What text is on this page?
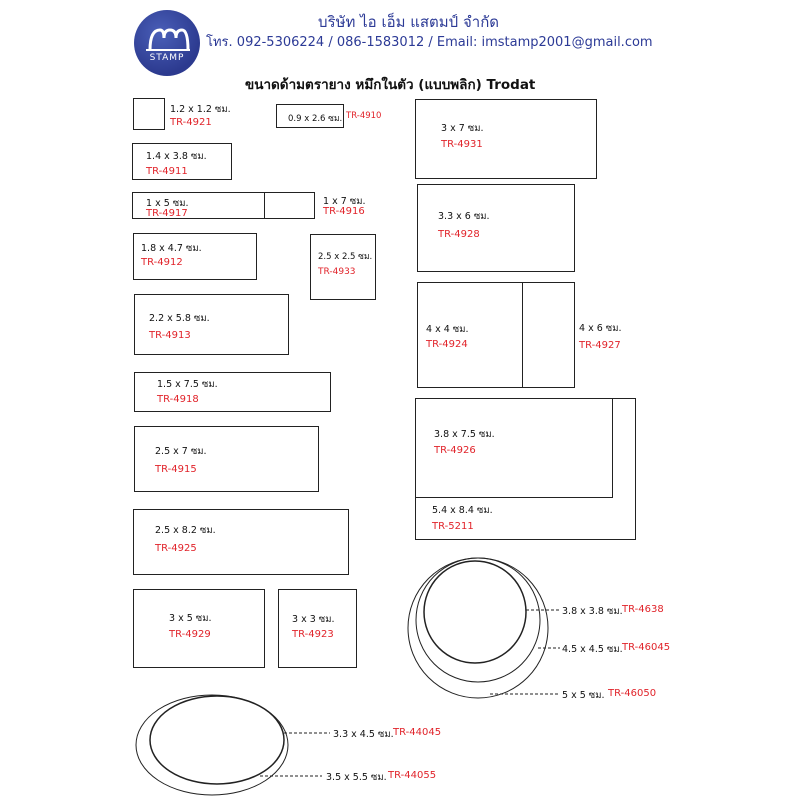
STAMP
บริษัท ไอ เอ็ม แสตมป์ จำกัด
โทร. 092-5306224 / 086-1583012 / Email: imstamp2001@gmail.com
ขนาดด้ามตรายาง หมึกในตัว (แบบพลิก) Trodat
1.2 x 1.2 ซม.
TR-4921	0.9 x 2.6 ซม. TR-4910
1.4 x 3.8 ซม.
TR-4911
1 x 5 ซม.
TR-4917
1 x 7 ซม.
TR-4916
1.8 x 4.7 ซม.
TR-4912	2.5 x 2.5 ซม.
TR-4933
2.2 x 5.8 ซม.
TR-4913
1.5 x 7.5 ซม.
TR-4918
2.5 x 7 ซม.
TR-4915
2.5 x 8.2 ซม.
TR-4925
3 x 5 ซม.
TR-4929
3 x 3 ซม.
TR-4923
3 x 7 ซม.
TR-4931
3.3 x 6 ซม.
TR-4928
4 x 4 ซม.
TR-4924
4 x 6 ซม.
TR-4927
3.8 x 7.5 ซม.
TR-4926
5.4 x 8.4 ซม.
TR-5211
3.8 x 3.8 ซม. TR-4638
4.5 x 4.5 ซม. TR-46045
5 x 5 ซม. TR-46050
3.3 x 4.5 ซม. TR-44045
3.5 x 5.5 ซม. TR-44055
